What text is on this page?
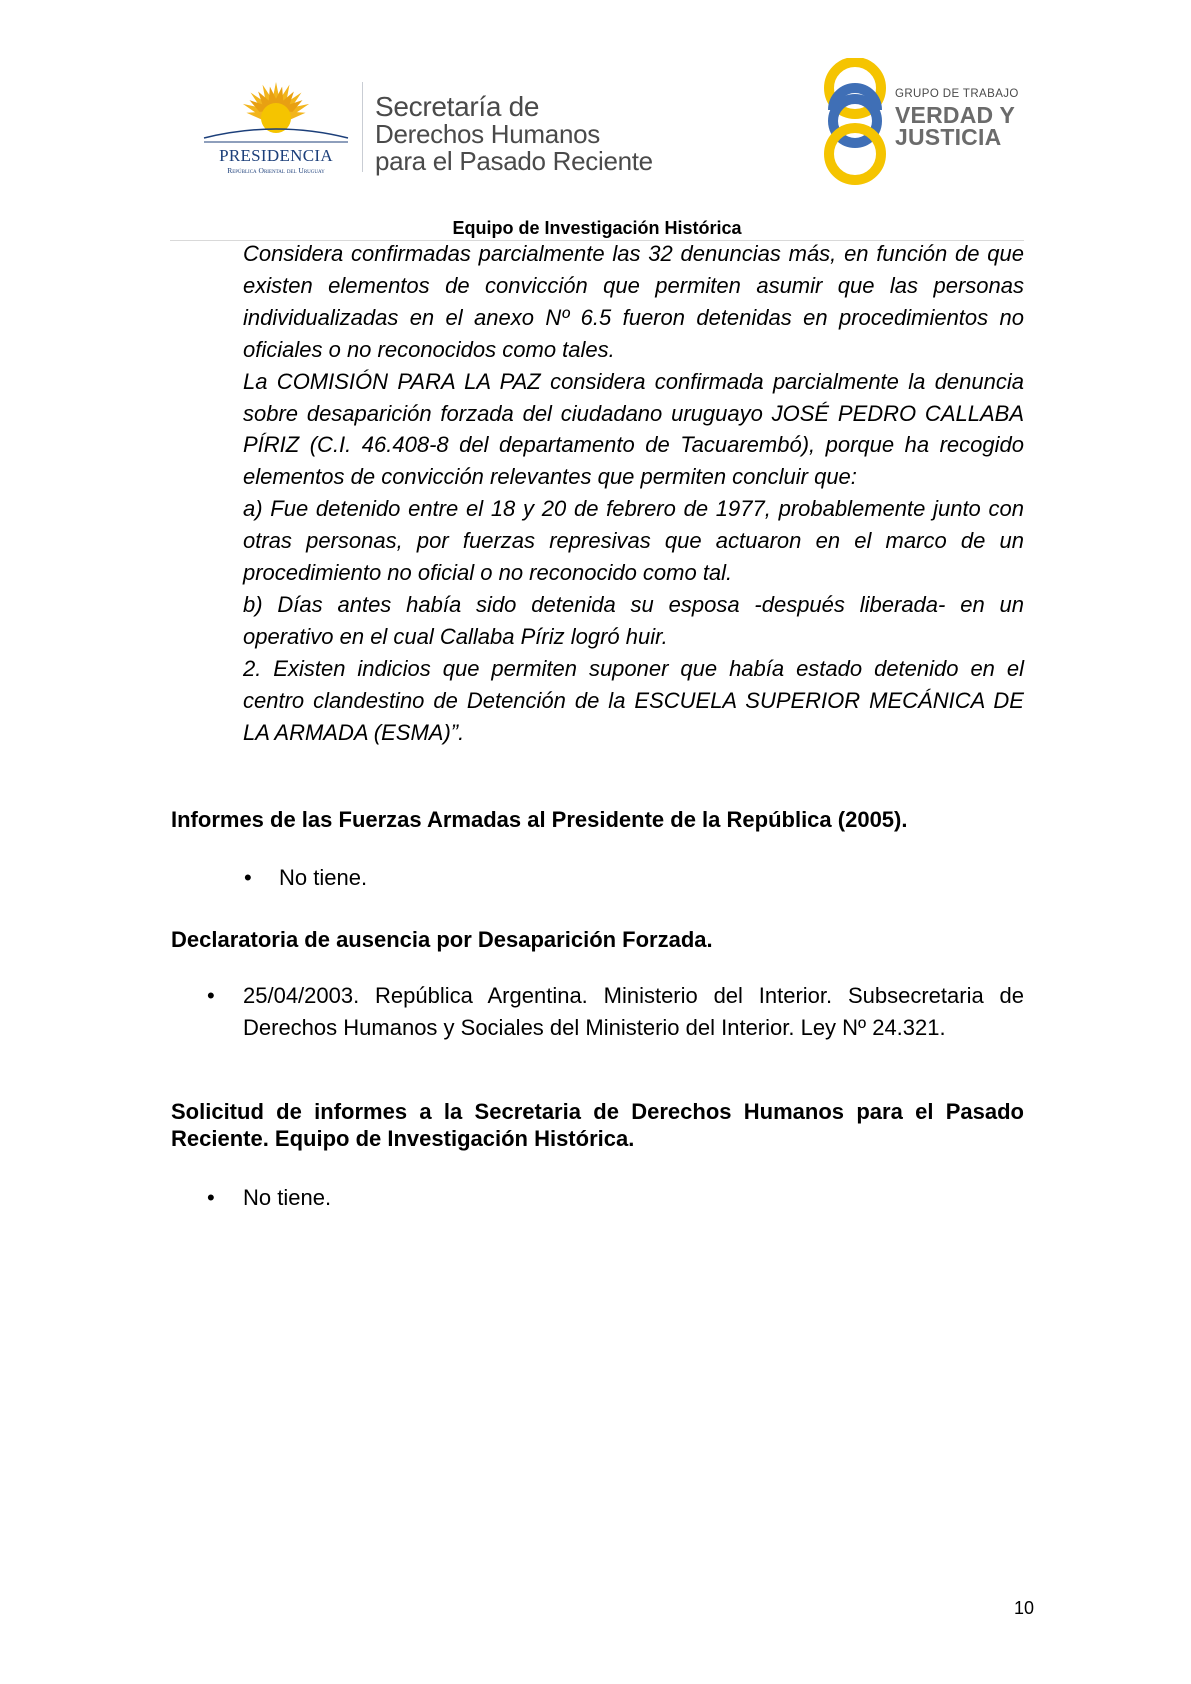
PRESIDENCIA
República Oriental del Uruguay
Secretaría de
Derechos Humanos
para el Pasado Reciente
GRUPO DE TRABAJO
VERDAD Y
JUSTICIA
Equipo de Investigación Histórica

Considera confirmadas parcialmente las 32 denuncias más, en función de que existen elementos de convicción que permiten asumir que las personas individualizadas en el anexo Nº 6.5 fueron detenidas en procedimientos no oficiales o no reconocidos como tales.

La COMISIÓN PARA LA PAZ considera confirmada parcialmente la denuncia sobre desaparición forzada del ciudadano uruguayo JOSÉ PEDRO CALLABA PÍRIZ (C.I. 46.408-8 del departamento de Tacuarembó), porque ha recogido elementos de convicción relevantes que permiten concluir que:

a) Fue detenido entre el 18 y 20 de febrero de 1977, probablemente junto con otras personas, por fuerzas represivas que actuaron en el marco de un procedimiento no oficial o no reconocido como tal.

b) Días antes había sido detenida su esposa -después liberada- en un operativo en el cual Callaba Píriz logró huir.

2. Existen indicios que permiten suponer que había estado detenido en el centro clandestino de Detención de la ESCUELA SUPERIOR MECÁNICA DE LA ARMADA (ESMA)”.

Informes de las Fuerzas Armadas al Presidente de la República (2005).
• No tiene.
Declaratoria de ausencia por Desaparición Forzada.
• 25/04/2003. República Argentina. Ministerio del Interior. Subsecretaria de Derechos Humanos y Sociales del Ministerio del Interior. Ley Nº 24.321.
Solicitud de informes a la Secretaria de Derechos Humanos para el Pasado Reciente. Equipo de Investigación Histórica.
• No tiene.
10
